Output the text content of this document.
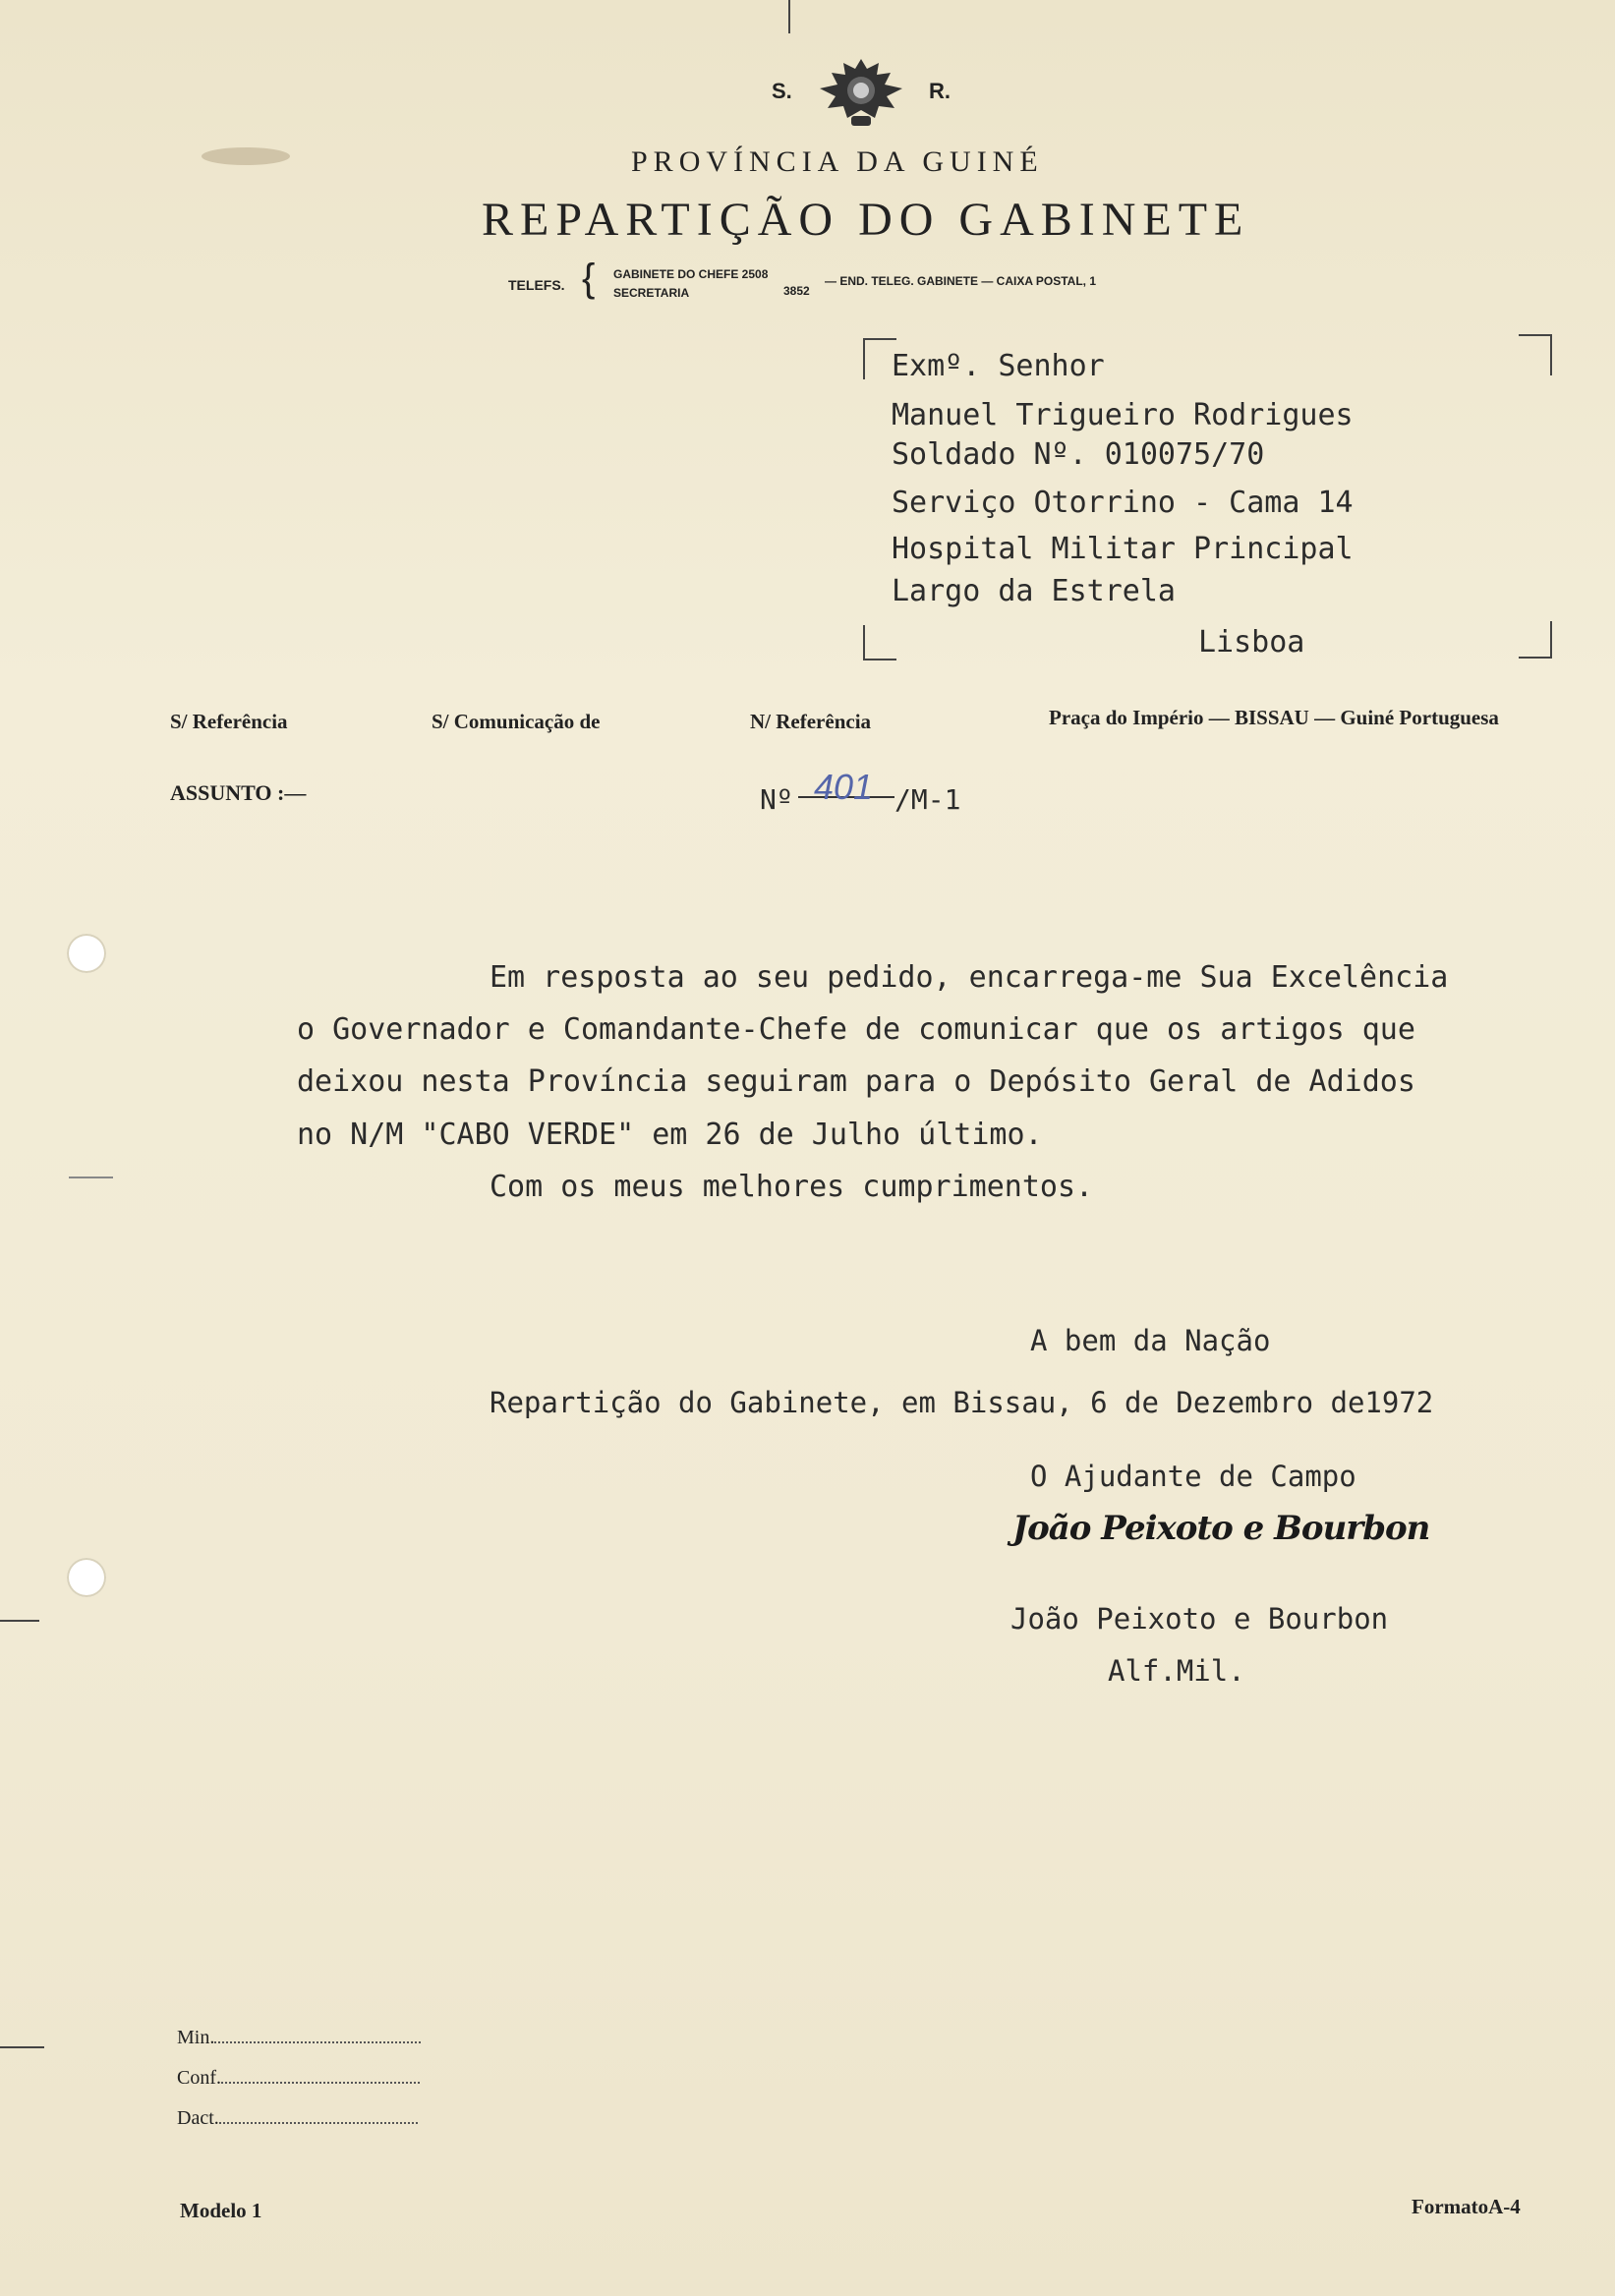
S.	R.
PROVÍNCIA DA GUINÉ
REPARTIÇÃO DO GABINETE
TELEFS. { GABINETE DO CHEFE 2508
SECRETARIA	3852
— END. TELEG. GABINETE — CAIXA POSTAL, 1
Exmº. Senhor
Manuel Trigueiro Rodrigues
Soldado Nº. 010075/70
Serviço Otorrino - Cama 14
Hospital Militar Principal
Largo da Estrela
Lisboa
S/ Referência	S/ Comunicação de	N/ Referência	Praça do Império — BISSAU — Guiné Portuguesa
ASSUNTO :—	Nº 401 /M-1
Em resposta ao seu pedido, encarrega-me Sua Excelência
o Governador e Comandante-Chefe de comunicar que os artigos que
deixou nesta Província seguiram para o Depósito Geral de Adidos
no N/M "CABO VERDE" em 26 de Julho último.
Com os meus melhores cumprimentos.
A bem da Nação
Repartição do Gabinete, em Bissau, 6 de Dezembro de1972
O Ajudante de Campo
João Peixoto e Bourbon
João Peixoto e Bourbon
Alf.Mil.
Min.
Conf.
Dact.
Modelo 1	FormatoA-4
